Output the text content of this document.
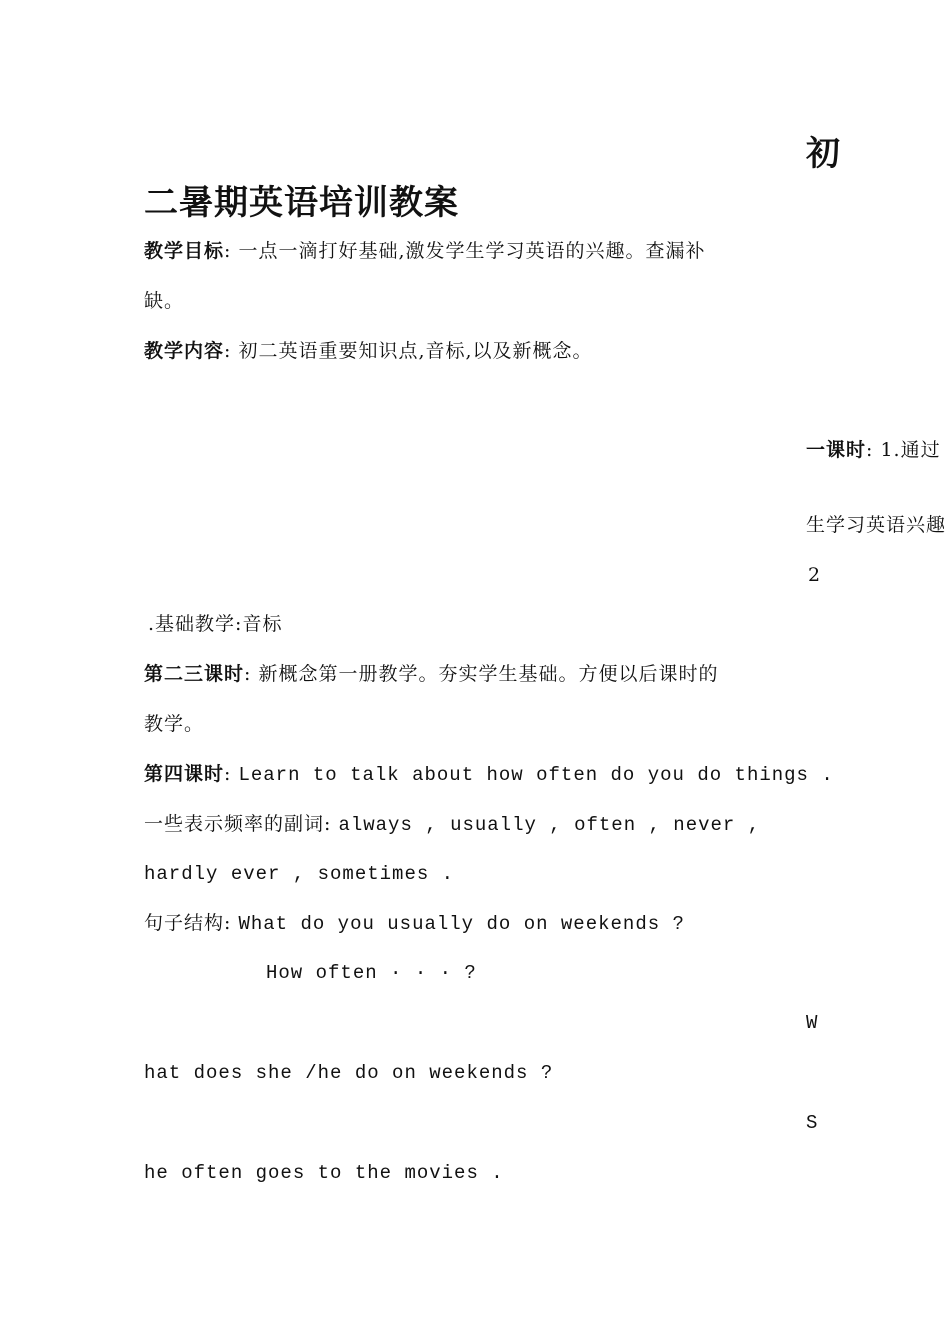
初
二暑期英语培训教案
教学目标: 一点一滴打好基础,激发学生学习英语的兴趣。查漏补
缺。
教学内容: 初二英语重要知识点,音标,以及新概念。
一课时: 1.通过
生学习英语兴趣
2
.基础教学:音标
第二三课时: 新概念第一册教学。夯实学生基础。方便以后课时的
教学。
第四课时: Learn to talk about how often do you do things .
一些表示频率的副词: always , usually , often , never ,
hardly ever , sometimes .
句子结构: What do you usually do on weekends ?
How often · · · ?
W
hat does she /he do on weekends ?
S
he often goes to the movies .
